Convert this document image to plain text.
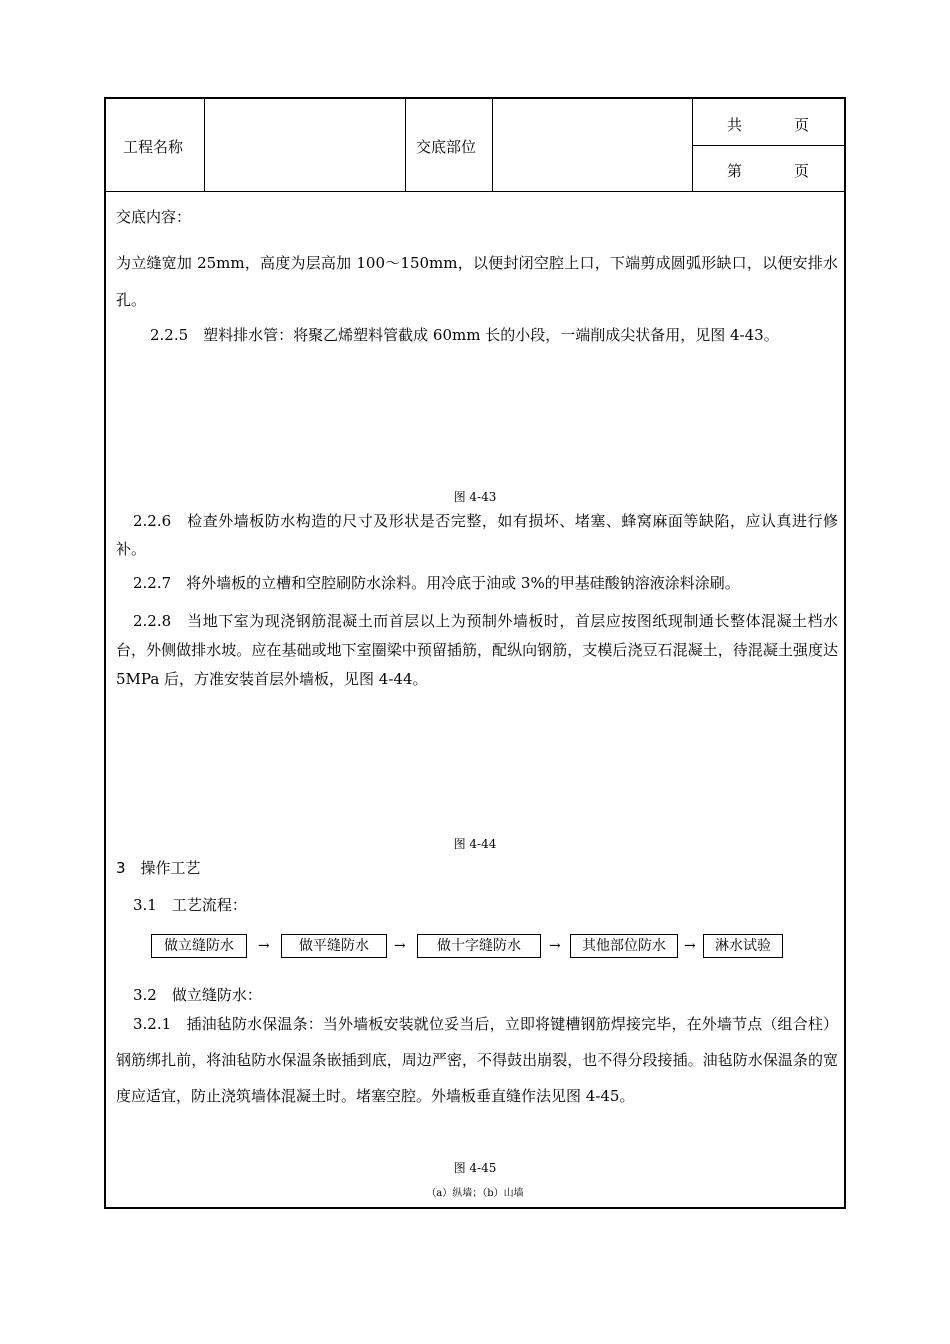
工程名称	交底部位
共	页
第	页
交底内容：
为立缝宽加 25mm，高度为层高加 100～150mm，以便封闭空腔上口，下端剪成圆弧形缺口，以便安排水孔。
2.2.5　塑料排水管：将聚乙烯塑料管截成 60mm 长的小段，一端削成尖状备用，见图 4-43。
图 4-43
2.2.6　检查外墙板防水构造的尺寸及形状是否完整，如有损坏、堵塞、蜂窝麻面等缺陷，应认真进行修补。
2.2.7　将外墙板的立槽和空腔刷防水涂料。用冷底于油或 3%的甲基硅酸钠溶液涂料涂刷。
2.2.8　当地下室为现浇钢筋混凝土而首层以上为预制外墙板时，首层应按图纸现制通长整体混凝土档水台，外侧做排水坡。应在基础或地下室圈梁中预留插筋，配纵向钢筋，支模后浇豆石混凝土，待混凝土强度达 5MPa 后，方准安装首层外墙板，见图 4-44。
图 4-44
3　操作工艺
3.1　工艺流程：
做立缝防水	→	做平缝防水	→	做十字缝防水	→	其他部位防水	→	淋水试验
3.2　做立缝防水：
3.2.1　插油毡防水保温条：当外墙板安装就位妥当后，立即将键槽钢筋焊接完毕，在外墙节点（组合柱）钢筋绑扎前，将油毡防水保温条嵌插到底，周边严密，不得鼓出崩裂，也不得分段接插。油毡防水保温条的宽度应适宜，防止浇筑墙体混凝土时。堵塞空腔。外墙板垂直缝作法见图 4-45。
图 4-45
（a）纵墙；（b）山墙
